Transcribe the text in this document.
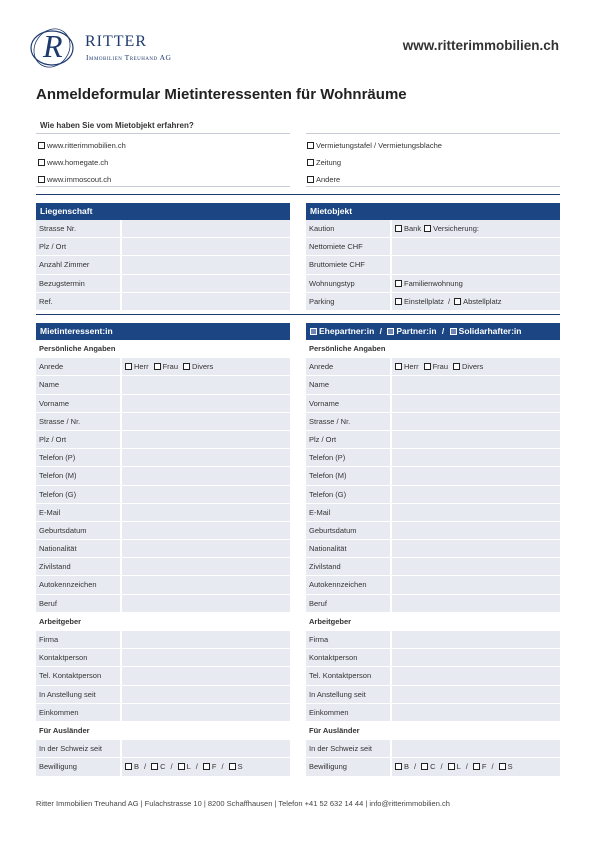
R RITTER
Immobilien Treuhand AG
www.ritterimmobilien.ch
Anmeldeformular Mietinteressenten für Wohnräume
Wie haben Sie vom Mietobjekt erfahren?
www.ritterimmobilien.ch
www.homegate.ch
www.immoscout.ch
Vermietungstafel / Vermietungsblache
Zeitung
Andere
Liegenschaft
Strasse Nr.
Plz / Ort
Anzahl Zimmer
Bezugstermin
Ref.
Mietobjekt
Kaution	Bank Versicherung:
Nettomiete CHF
Bruttomiete CHF
Wohnungstyp	Familienwohnung
Parking	Einstellplatz / Abstellplatz
Mietinteressent:in
Persönliche Angaben
Anrede	Herr Frau Divers
Name
Vorname
Strasse / Nr.
Plz / Ort
Telefon (P)
Telefon (M)
Telefon (G)
E-Mail
Geburtsdatum
Nationalität
Zivilstand
Autokennzeichen
Beruf
Arbeitgeber
Firma
Kontaktperson
Tel. Kontaktperson
In Anstellung seit
Einkommen
Für Ausländer
In der Schweiz seit
Bewilligung	B / C / L / F / S
Ehepartner:in / Partner:in / Solidarhafter:in
Persönliche Angaben
Anrede	Herr Frau Divers
Name
Vorname
Strasse / Nr.
Plz / Ort
Telefon (P)
Telefon (M)
Telefon (G)
E-Mail
Geburtsdatum
Nationalität
Zivilstand
Autokennzeichen
Beruf
Arbeitgeber
Firma
Kontaktperson
Tel. Kontaktperson
In Anstellung seit
Einkommen
Für Ausländer
In der Schweiz seit
Bewilligung	B / C / L / F / S
Ritter Immobilien Treuhand AG | Fulachstrasse 10 | 8200 Schaffhausen | Telefon +41 52 632 14 44 | info@ritterimmobilien.ch
